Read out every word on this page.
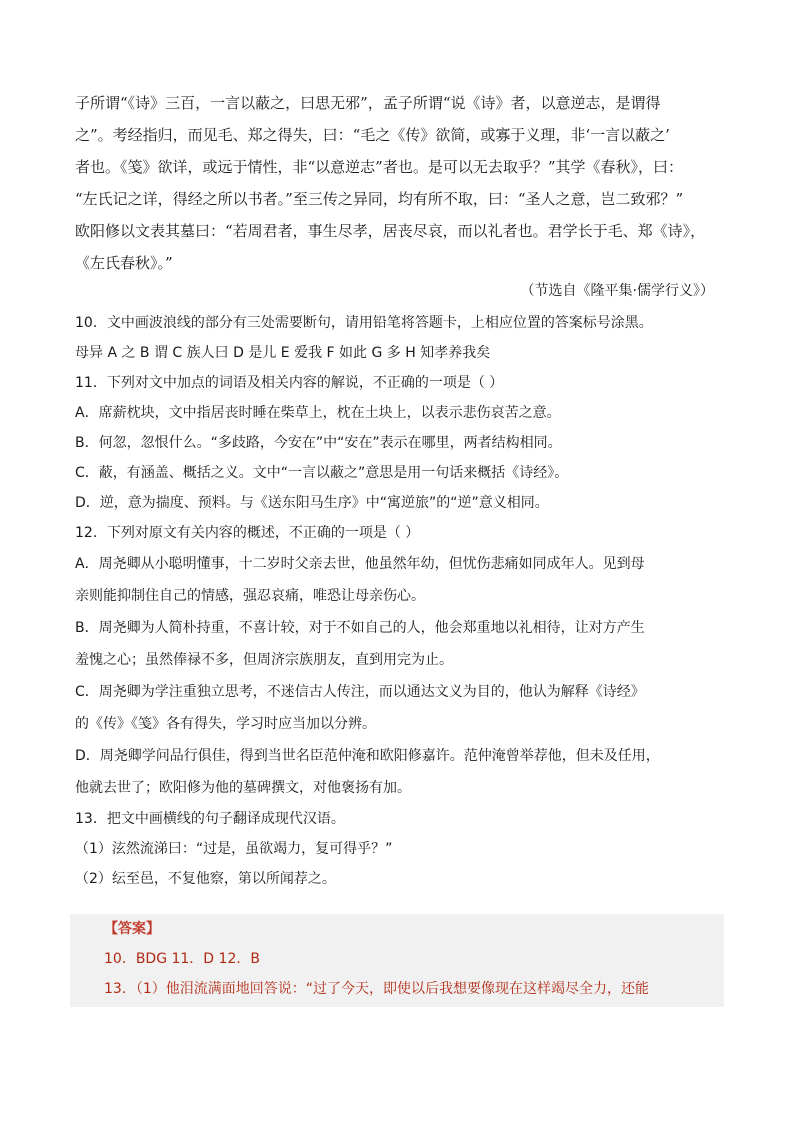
子所谓“《诗》三百，一言以蔽之，曰思无邪”，孟子所谓“说《诗》者，以意逆志，是谓得

之”。考经指归，而见毛、郑之得失，曰：“毛之《传》欲简，或寡于义理，非‘一言以蔽之’

者也。《笺》欲详，或远于情性，非“以意逆志”者也。是可以无去取乎？”其学《春秋》，曰：

“左氏记之详，得经之所以书者。”至三传之异同，均有所不取，曰：“圣人之意，岂二致邪？”

欧阳修以文表其墓曰：“若周君者，事生尽孝，居丧尽哀，而以礼者也。君学长于毛、郑《诗》，

《左氏春秋》。”

（节选自《隆平集·儒学行义》）
10．文中画波浪线的部分有三处需要断句，请用铅笔将答题卡，上相应位置的答案标号涂黑。
母异 A 之 B 谓 C 族人曰 D 是儿 E 爱我 F 如此 G 多 H 知孝养我矣
11．下列对文中加点的词语及相关内容的解说，不正确的一项是（ ）
A．席薪枕块，文中指居丧时睡在柴草上，枕在土块上，以表示悲伤哀苦之意。
B．何忽，忽恨什么。“多歧路，今安在”中“安在”表示在哪里，两者结构相同。
C．蔽，有涵盖、概括之义。文中“一言以蔽之”意思是用一句话来概括《诗经》。
D．逆，意为揣度、预料。与《送东阳马生序》中“寓逆旅”的“逆”意义相同。
12．下列对原文有关内容的概述，不正确的一项是（ ）
A．周尧卿从小聪明懂事，十二岁时父亲去世，他虽然年幼，但忧伤悲痛如同成年人。见到母
亲则能抑制住自己的情感，强忍哀痛，唯恐让母亲伤心。
B．周尧卿为人简朴持重，不喜计较，对于不如自己的人，他会郑重地以礼相待，让对方产生
羞愧之心；虽然俸禄不多，但周济宗族朋友，直到用完为止。
C．周尧卿为学注重独立思考，不迷信古人传注，而以通达文义为目的，他认为解释《诗经》
的《传》《笺》各有得失，学习时应当加以分辨。
D．周尧卿学问品行俱佳，得到当世名臣范仲淹和欧阳修嘉许。范仲淹曾举荐他，但未及任用，
他就去世了；欧阳修为他的墓碑撰文，对他褒扬有加。
13．把文中画横线的句子翻译成现代汉语。
（1）泫然流涕曰：“过是，虽欲竭力，复可得乎？”
（2）纭至邑，不复他察，第以所闻荐之。
【答案】
10．BDG 11．D 12．B
13．（1）他泪流满面地回答说：“过了今天，即使以后我想要像现在这样竭尽全力，还能
